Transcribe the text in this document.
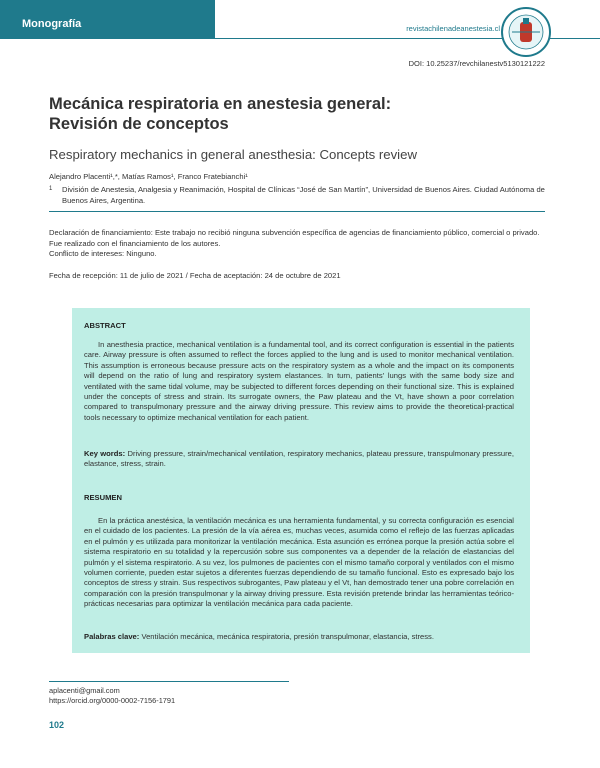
Monografía	revistachilenadeanestesia.cl
DOI: 10.25237/revchilanestv5130121222
Mecánica respiratoria en anestesia general:
Revisión de conceptos
Respiratory mechanics in general anesthesia: Concepts review
Alejandro Placenti¹,*, Matías Ramos¹, Franco Fratebianchi¹
1	División de Anestesia, Analgesia y Reanimación, Hospital de Clínicas “José de San Martín”, Universidad de Buenos Aires. Ciudad Autónoma de Buenos Aires, Argentina.

Declaración de financiamiento: Este trabajo no recibió ninguna subvención específica de agencias de financiamiento público, comercial o privado. Fue realizado con el financiamiento de los autores.

Conflicto de intereses: Ninguno.

Fecha de recepción: 11 de julio de 2021 / Fecha de aceptación: 24 de octubre de 2021
ABSTRACT

In anesthesia practice, mechanical ventilation is a fundamental tool, and its correct configuration is essential in the patients care. Airway pressure is often assumed to reflect the forces applied to the lung and is used to monitor mechanical ventilation. This assumption is erroneous because pressure acts on the respiratory system as a whole and the impact on its components will depend on the ratio of lung and respiratory system elastances. In turn, patients' lungs with the same body size and ventilated with the same tidal volume, may be subjected to different forces depending on their functional size. This is explained under the concepts of stress and strain. Its surrogate owners, the Paw plateau and the Vt, have shown a poor correlation compared to transpulmonary pressure and the airway driving pressure. This review aims to provide the theoretical-practical tools necessary to optimize mechanical ventilation for each patient.

Key words: Driving pressure, strain/mechanical ventilation, respiratory mechanics, plateau pressure, transpulmonary pressure, elastance, stress, strain.

RESUMEN

En la práctica anestésica, la ventilación mecánica es una herramienta fundamental, y su correcta configuración es esencial en el cuidado de los pacientes. La presión de la vía aérea es, muchas veces, asumida como el reflejo de las fuerzas aplicadas en el pulmón y es utilizada para monitorizar la ventilación mecánica. Esta asunción es errónea porque la presión actúa sobre el sistema respiratorio en su totalidad y la repercusión sobre sus componentes va a depender de la relación de elastancias del pulmón y el sistema respiratorio. A su vez, los pulmones de pacientes con el mismo tamaño corporal y ventilados con el mismo volumen corriente, pueden estar sujetos a diferentes fuerzas dependiendo de su tamaño funcional. Esto es expresado bajo los conceptos de stress y strain. Sus respectivos subrogantes, Paw plateau y el Vt, han demostrado tener una pobre correlación en comparación con la presión transpulmonar y la airway driving pressure. Esta revisión pretende brindar las herramientas teórico-prácticas necesarias para optimizar la ventilación mecánica para cada paciente.

Palabras clave: Ventilación mecánica, mecánica respiratoria, presión transpulmonar, elastancia, stress.

aplacenti@gmail.com
https://orcid.org/0000-0002-7156-1791
102
